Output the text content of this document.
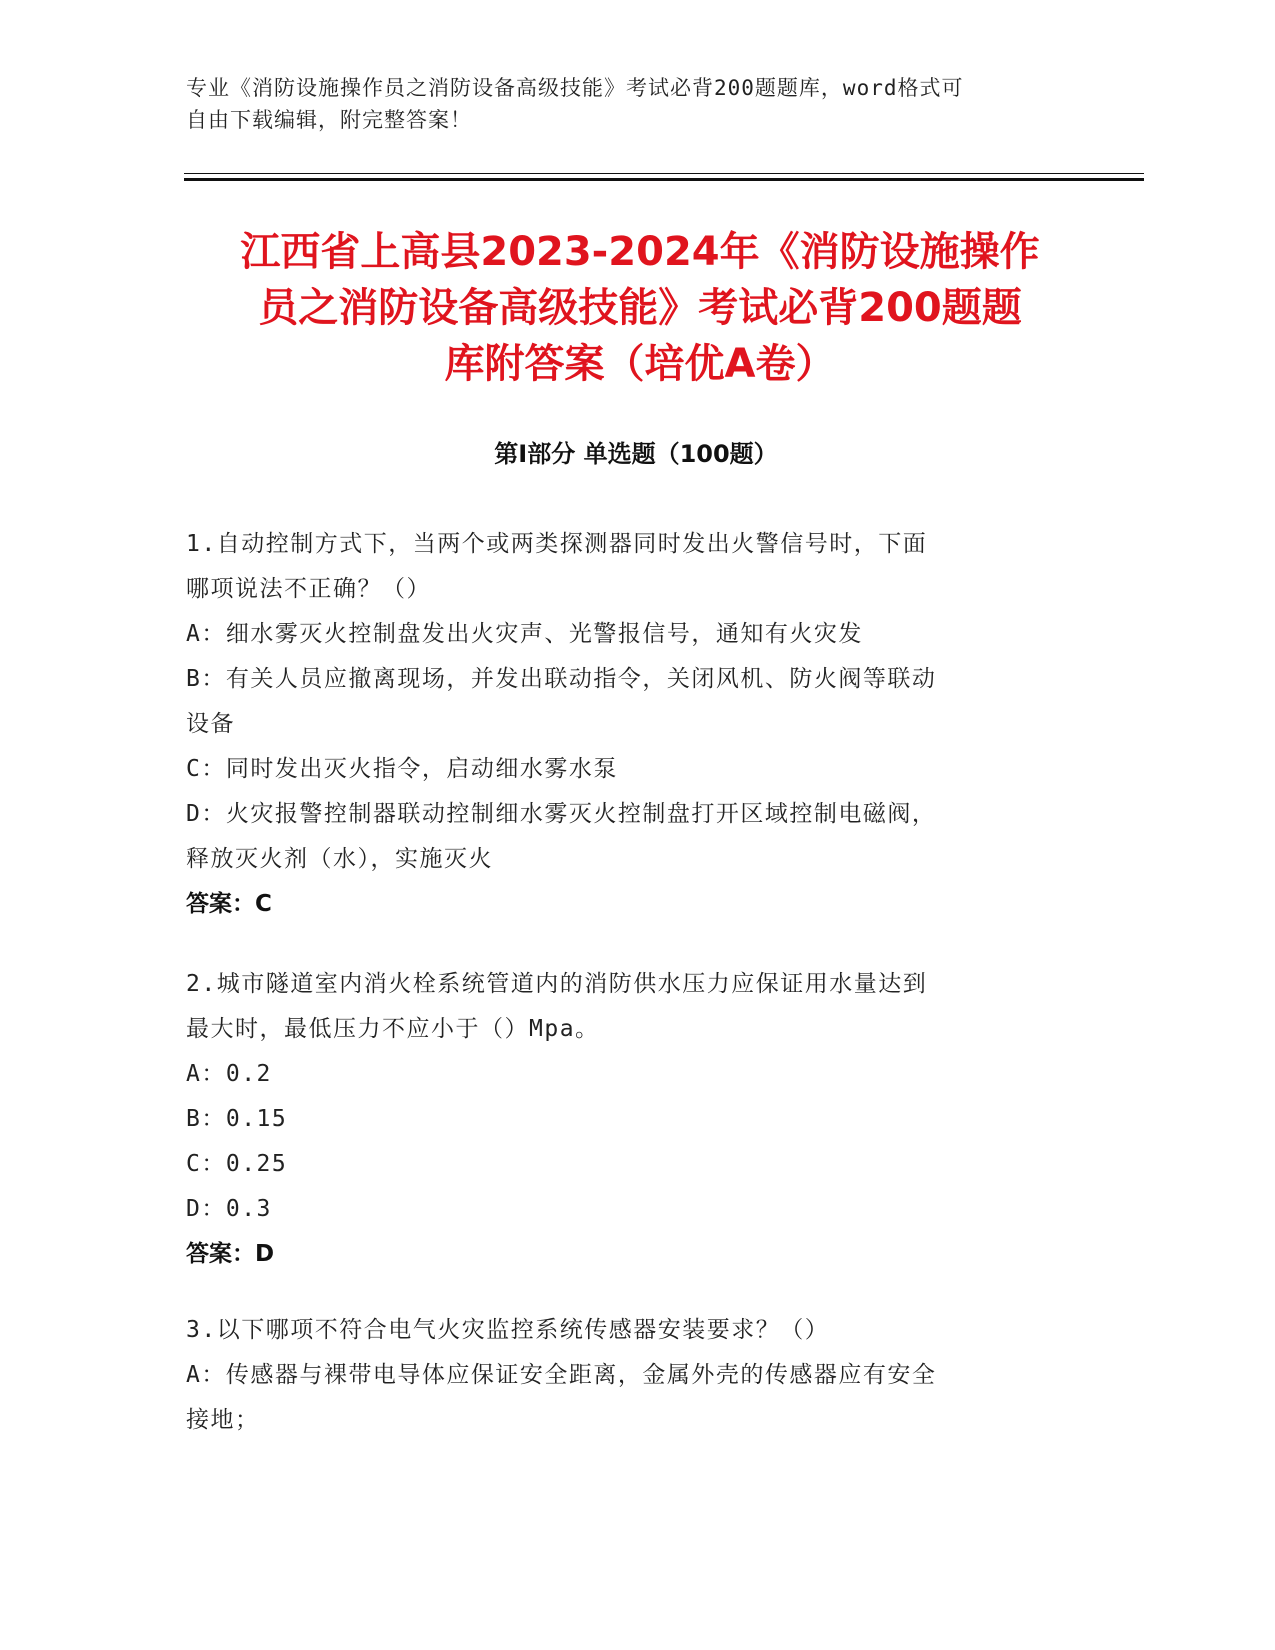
专业《消防设施操作员之消防设备高级技能》考试必背200题题库，word格式可
自由下载编辑，附完整答案！
江西省上高县2023-2024年《消防设施操作
员之消防设备高级技能》考试必背200题题
库附答案（培优A卷）
第Ⅰ部分 单选题（100题）
1.自动控制方式下，当两个或两类探测器同时发出火警信号时，下面
哪项说法不正确？（）
A：细水雾灭火控制盘发出火灾声、光警报信号，通知有火灾发
B：有关人员应撤离现场，并发出联动指令，关闭风机、防火阀等联动
设备
C：同时发出灭火指令，启动细水雾水泵
D：火灾报警控制器联动控制细水雾灭火控制盘打开区域控制电磁阀，
释放灭火剂（水），实施灭火
答案：C
2.城市隧道室内消火栓系统管道内的消防供水压力应保证用水量达到
最大时，最低压力不应小于（）Mpa。
A：0.2
B：0.15
C：0.25
D：0.3
答案：D
3.以下哪项不符合电气火灾监控系统传感器安装要求？（）
A：传感器与裸带电导体应保证安全距离，金属外壳的传感器应有安全
接地；
